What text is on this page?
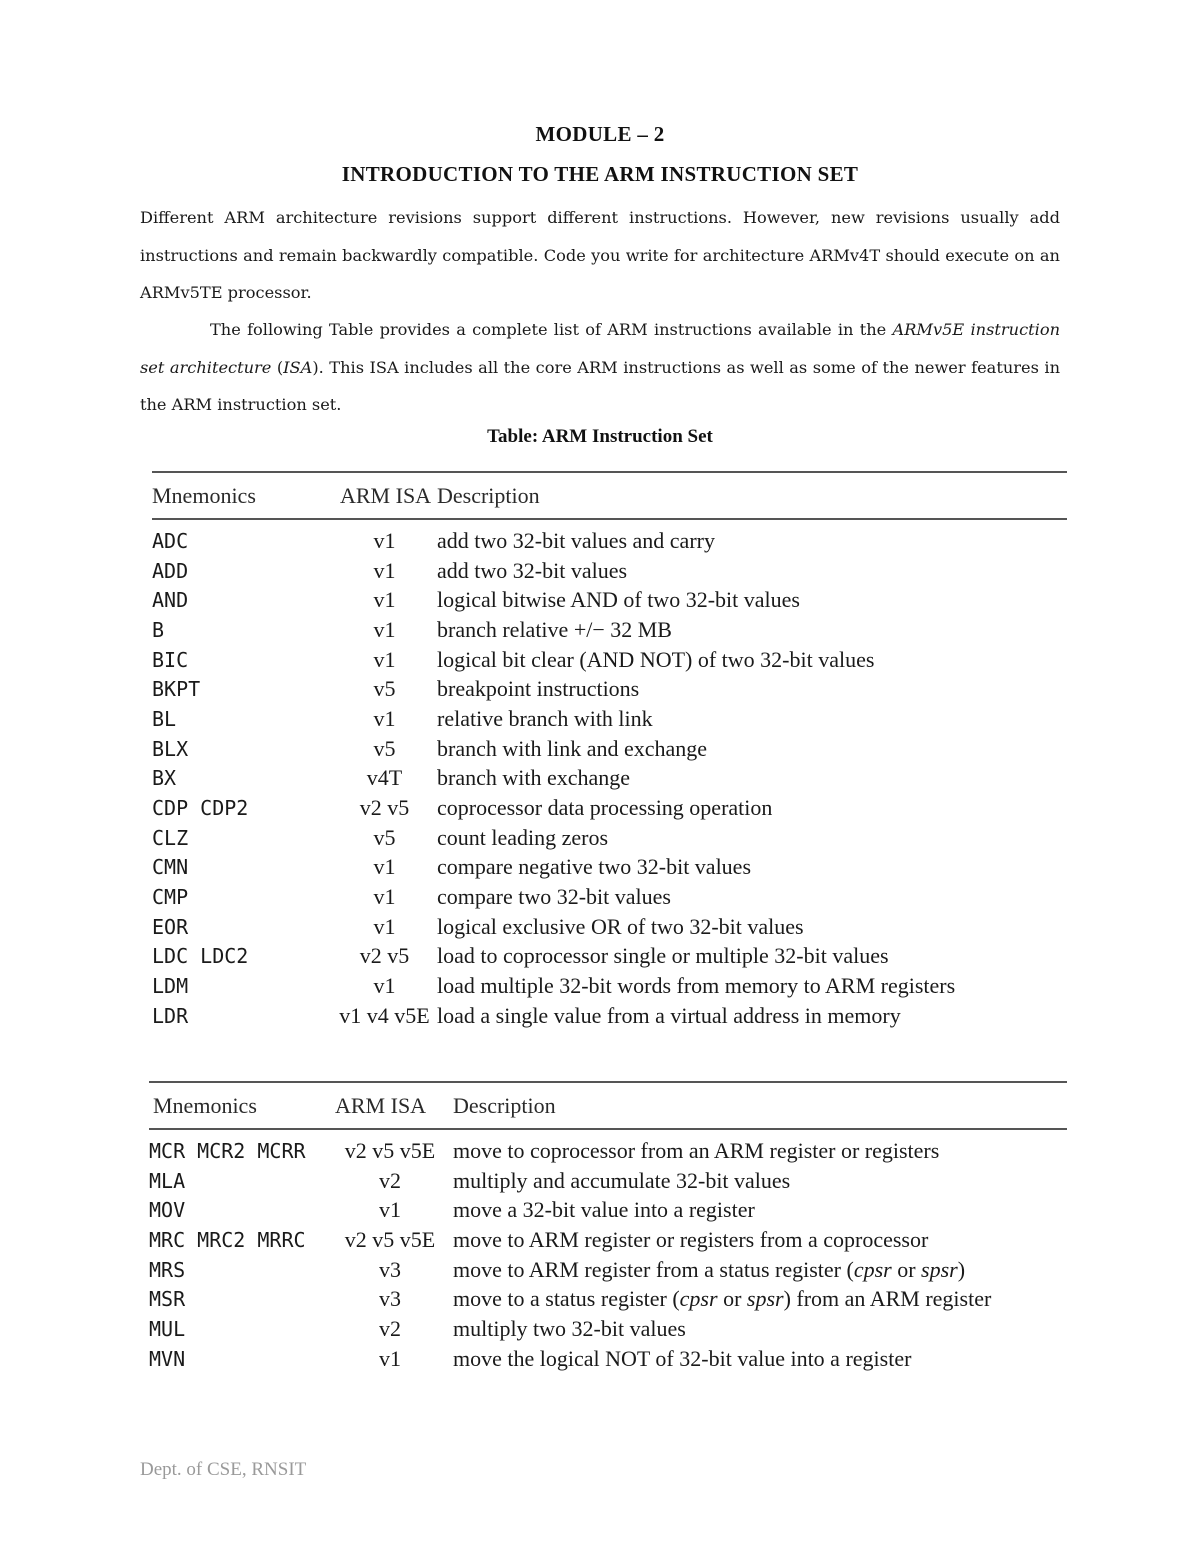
MODULE – 2
INTRODUCTION TO THE ARM INSTRUCTION SET

Different ARM architecture revisions support different instructions. However, new revisions usually add instructions and remain backwardly compatible. Code you write for architecture ARMv4T should execute on an ARMv5TE processor.

The following Table provides a complete list of ARM instructions available in the ARMv5E instruction set architecture (ISA). This ISA includes all the core ARM instructions as well as some of the newer features in the ARM instruction set.

Table: ARM Instruction Set
Mnemonics	ARM ISA	Description

ADC	v1	add two 32-bit values and carry
ADD	v1	add two 32-bit values
AND	v1	logical bitwise AND of two 32-bit values
B	v1	branch relative +/− 32 MB
BIC	v1	logical bit clear (AND NOT) of two 32-bit values
BKPT	v5	breakpoint instructions
BL	v1	relative branch with link
BLX	v5	branch with link and exchange
BX	v4T	branch with exchange
CDP CDP2	v2 v5	coprocessor data processing operation
CLZ	v5	count leading zeros
CMN	v1	compare negative two 32-bit values
CMP	v1	compare two 32-bit values
EOR	v1	logical exclusive OR of two 32-bit values
LDC LDC2	v2 v5	load to coprocessor single or multiple 32-bit values
LDM	v1	load multiple 32-bit words from memory to ARM registers
LDR	v1 v4 v5E	load a single value from a virtual address in memory
Mnemonics	ARM ISA	Description

MCR MCR2 MCRR	v2 v5 v5E	move to coprocessor from an ARM register or registers
MLA	v2	multiply and accumulate 32-bit values
MOV	v1	move a 32-bit value into a register
MRC MRC2 MRRC	v2 v5 v5E	move to ARM register or registers from a coprocessor
MRS	v3	move to ARM register from a status register (cpsr or spsr)
MSR	v3	move to a status register (cpsr or spsr) from an ARM register
MUL	v2	multiply two 32-bit values
MVN	v1	move the logical NOT of 32-bit value into a register
Dept. of CSE, RNSIT
